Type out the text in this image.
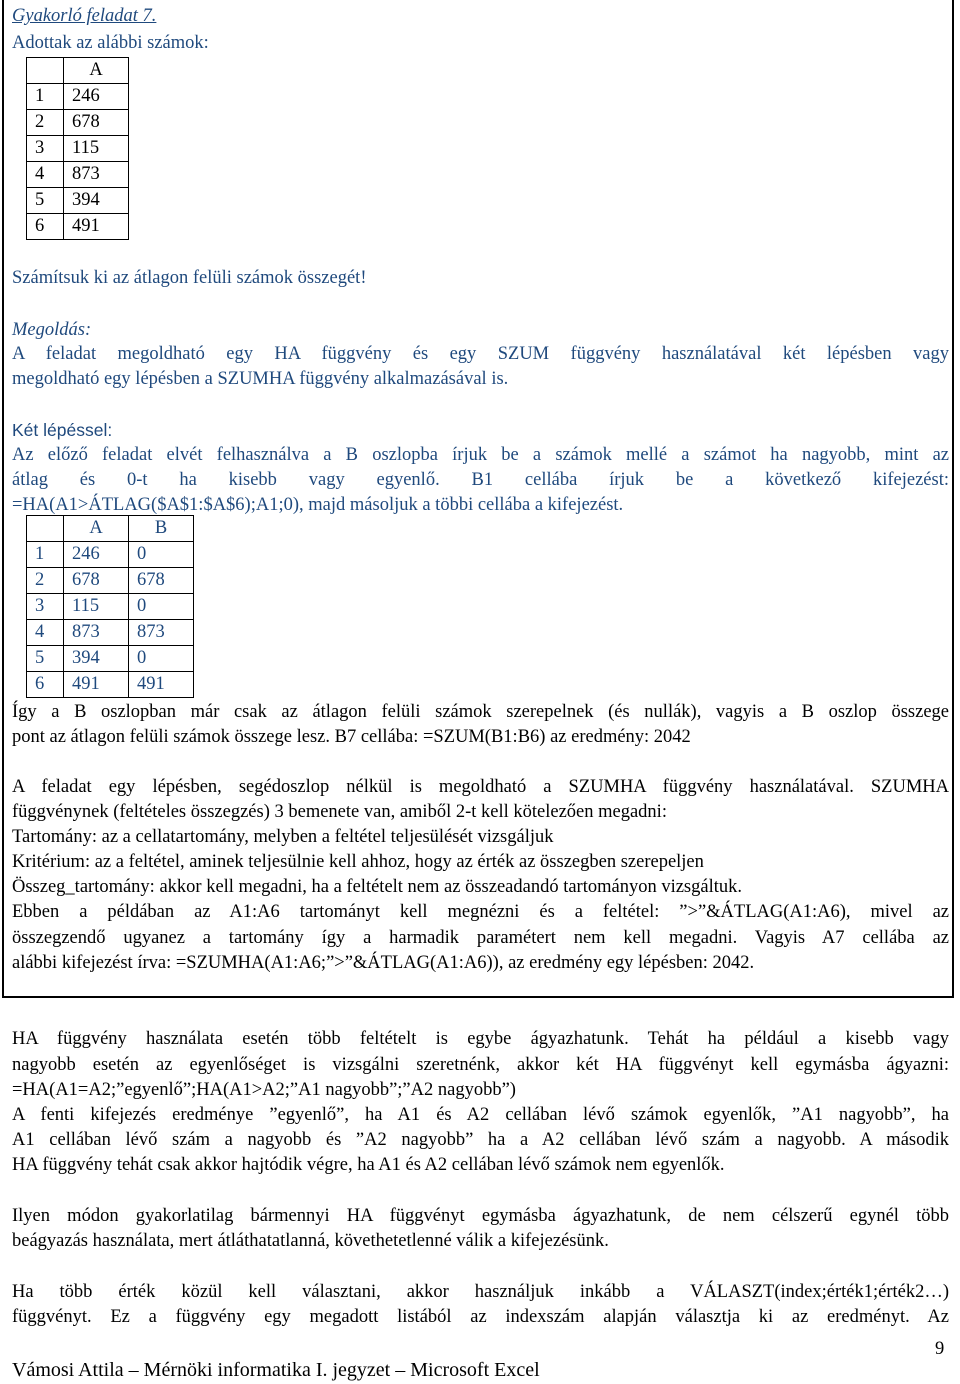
Gyakorló feladat 7.
Adottak az alábbi számok:
	A
1	246
2	678
3	115
4	873
5	394
6	491
Számítsuk ki az átlagon felüli számok összegét!
Megoldás:
A feladat megoldható egy HA függvény és egy SZUM függvény használatával két lépésben vagy
megoldható egy lépésben a SZUMHA függvény alkalmazásával is.
Két lépéssel:
Az előző feladat elvét felhasználva a B oszlopba írjuk be a számok mellé a számot ha nagyobb, mint az
átlag és 0-t ha kisebb vagy egyenlő. B1 cellába írjuk be a következő kifejezést:
=HA(A1>ÁTLAG($A$1:$A$6);A1;0), majd másoljuk a többi cellába a kifejezést.
	A	B
1	246	0
2	678	678
3	115	0
4	873	873
5	394	0
6	491	491
Így a B oszlopban már csak az átlagon felüli számok szerepelnek (és nullák), vagyis a B oszlop összege
pont az átlagon felüli számok összege lesz. B7 cellába: =SZUM(B1:B6) az eredmény: 2042
A feladat egy lépésben, segédoszlop nélkül is megoldható a SZUMHA függvény használatával. SZUMHA
függvénynek (feltételes összegzés) 3 bemenete van, amiből 2-t kell kötelezően megadni:
Tartomány: az a cellatartomány, melyben a feltétel teljesülését vizsgáljuk
Kritérium: az a feltétel, aminek teljesülnie kell ahhoz, hogy az érték az összegben szerepeljen
Összeg_tartomány: akkor kell megadni, ha a feltételt nem az összeadandó tartományon vizsgáltuk.
Ebben a példában az A1:A6 tartományt kell megnézni és a feltétel: ”>”&ÁTLAG(A1:A6), mivel az
összegzendő ugyanez a tartomány így a harmadik paramétert nem kell megadni. Vagyis A7 cellába az
alábbi kifejezést írva: =SZUMHA(A1:A6;”>”&ÁTLAG(A1:A6)), az eredmény egy lépésben: 2042.
HA függvény használata esetén több feltételt is egybe ágyazhatunk. Tehát ha például a kisebb vagy
nagyobb esetén az egyenlőséget is vizsgálni szeretnénk, akkor két HA függvényt kell egymásba ágyazni:
=HA(A1=A2;”egyenlő”;HA(A1>A2;”A1 nagyobb”;”A2 nagyobb”)
A fenti kifejezés eredménye ”egyenlő”, ha A1 és A2 cellában lévő számok egyenlők, ”A1 nagyobb”, ha
A1 cellában lévő szám a nagyobb és ”A2 nagyobb” ha a A2 cellában lévő szám a nagyobb. A második
HA függvény tehát csak akkor hajtódik végre, ha A1 és A2 cellában lévő számok nem egyenlők.
Ilyen módon gyakorlatilag bármennyi HA függvényt egymásba ágyazhatunk, de nem célszerű egynél több
beágyazás használata, mert átláthatatlanná, követhetetlenné válik a kifejezésünk.
Ha több érték közül kell választani, akkor használjuk inkább a VÁLASZT(index;érték1;érték2…)
függvényt. Ez a függvény egy megadott listából az indexszám alapján választja ki az eredményt. Az
9
Vámosi Attila – Mérnöki informatika I. jegyzet – Microsoft Excel
